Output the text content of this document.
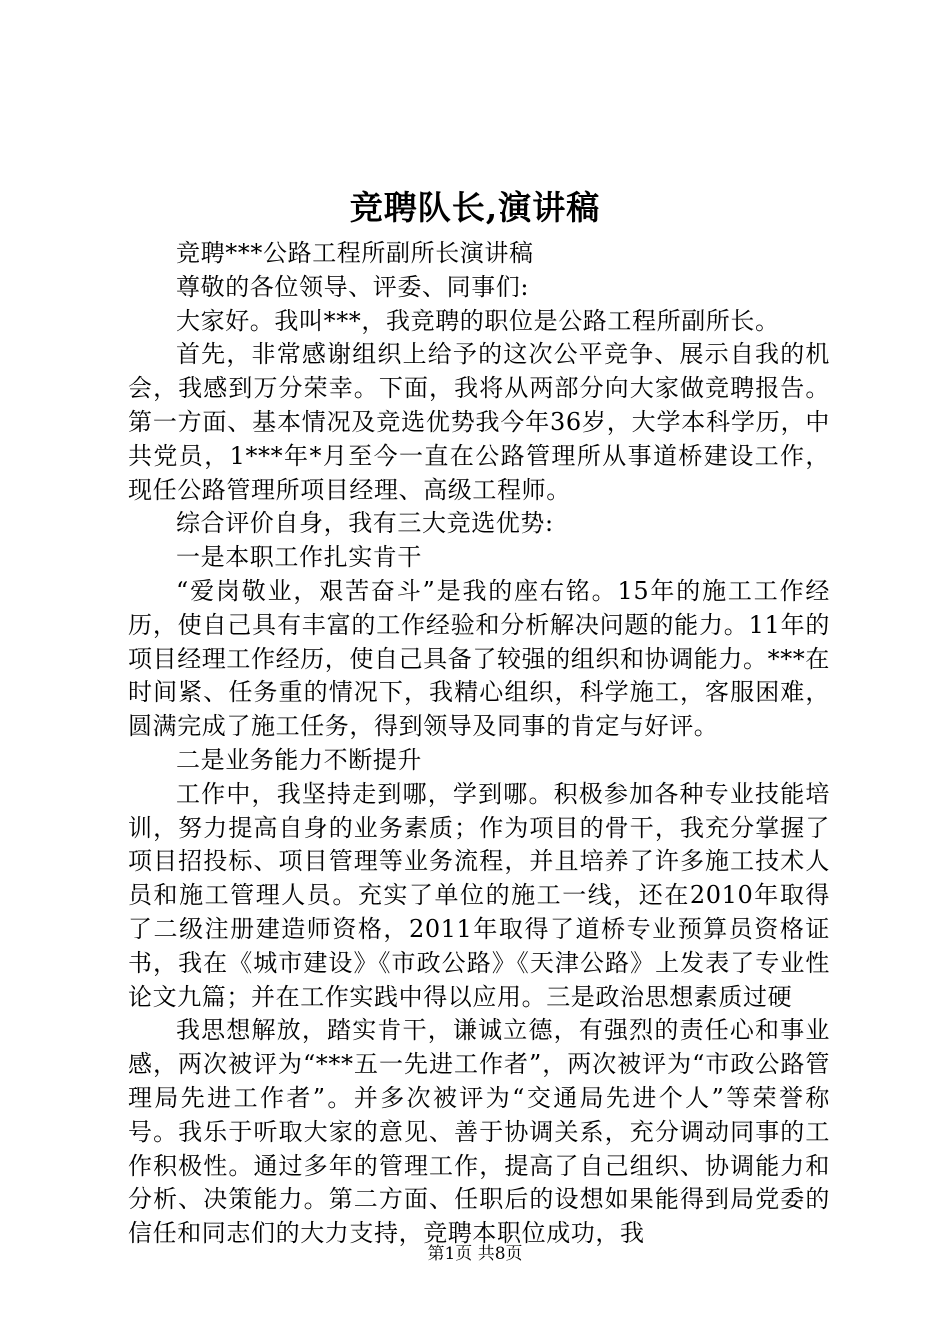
竞聘队长,演讲稿

竞聘***公路工程所副所长演讲稿

尊敬的各位领导、评委、同事们:

大家好。我叫***，我竞聘的职位是公路工程所副所长。

首先，非常感谢组织上给予的这次公平竞争、展示自我的机会，我感到万分荣幸。下面，我将从两部分向大家做竞聘报告。第一方面、基本情况及竞选优势我今年36岁，大学本科学历，中共党员，1***年*月至今一直在公路管理所从事道桥建设工作，现任公路管理所项目经理、高级工程师。

综合评价自身，我有三大竞选优势:

一是本职工作扎实肯干

“爱岗敬业，艰苦奋斗”是我的座右铭。15年的施工工作经历，使自己具有丰富的工作经验和分析解决问题的能力。11年的项目经理工作经历，使自己具备了较强的组织和协调能力。***在时间紧、任务重的情况下，我精心组织，科学施工，客服困难，圆满完成了施工任务，得到领导及同事的肯定与好评。

二是业务能力不断提升

工作中，我坚持走到哪，学到哪。积极参加各种专业技能培训，努力提高自身的业务素质；作为项目的骨干，我充分掌握了项目招投标、项目管理等业务流程，并且培养了许多施工技术人员和施工管理人员。充实了单位的施工一线，还在2010年取得了二级注册建造师资格，2011年取得了道桥专业预算员资格证书，我在《城市建设》《市政公路》《天津公路》上发表了专业性论文九篇；并在工作实践中得以应用。三是政治思想素质过硬

我思想解放，踏实肯干，谦诚立德，有强烈的责任心和事业感，两次被评为“***五一先进工作者”，两次被评为“市政公路管理局先进工作者”。并多次被评为“交通局先进个人”等荣誉称号。我乐于听取大家的意见、善于协调关系，充分调动同事的工作积极性。通过多年的管理工作，提高了自己组织、协调能力和分析、决策能力。第二方面、任职后的设想如果能得到局党委的信任和同志们的大力支持，竞聘本职位成功，我

第1页 共8页
